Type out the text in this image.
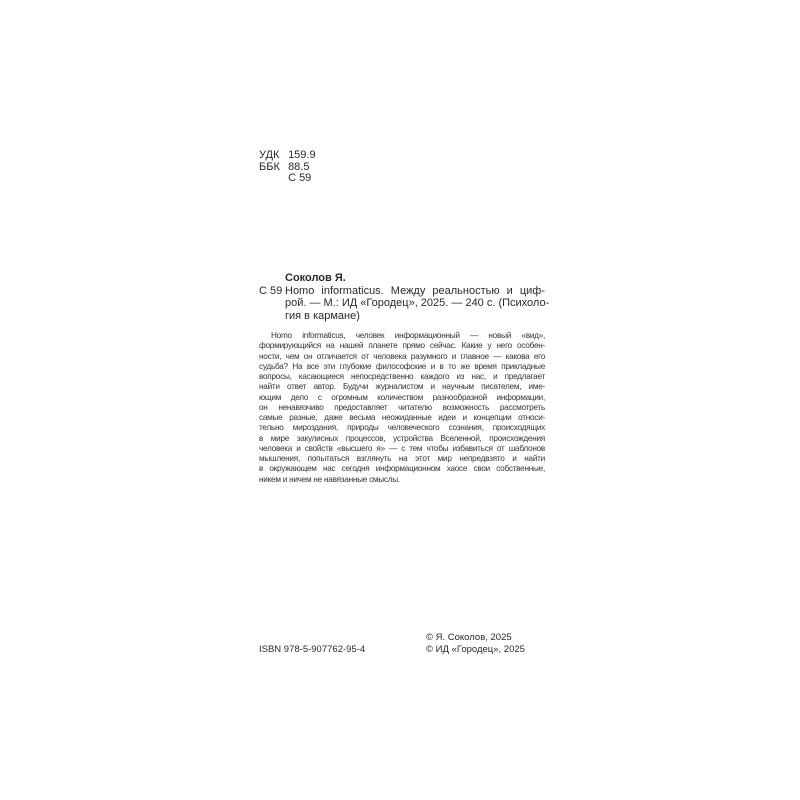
УДК 159.9
ББК 88.5
С 59
Соколов Я.
С 59 Homo informaticus. Между реальностью и циф-
рой. — М.: ИД «Городец», 2025. — 240 с. (Психоло-
гия в кармане)
Homo informaticus, человек информационный — новый «вид»,
формирующийся на нашей планете прямо сейчас. Какие у него особен-
ности, чем он отличается от человека разумного и главное — какова его
судьба? На все эти глубокие философские и в то же время прикладные
вопросы, касающиеся непосредственно каждого из нас, и предлагает
найти ответ автор. Будучи журналистом и научным писателем, име-
ющим дело с огромным количеством разнообразной информации,
он ненавязчиво предоставляет читателю возможность рассмотреть
самые разные, даже весьма неожиданные идеи и концепции относи-
тельно мироздания, природы человеческого сознания, происходящих
в мире закулисных процессов, устройства Вселенной, происхождения
человека и свойств «высшего я» — с тем чтобы избавиться от шаблонов
мышления, попытаться взглянуть на этот мир непредвзято и найти
в окружающем нас сегодня информационном хаосе свои собственные,
никем и ничем не навязанные смыслы.
ISBN 978-5-907762-95-4
© Я. Соколов, 2025
© ИД «Городец», 2025
